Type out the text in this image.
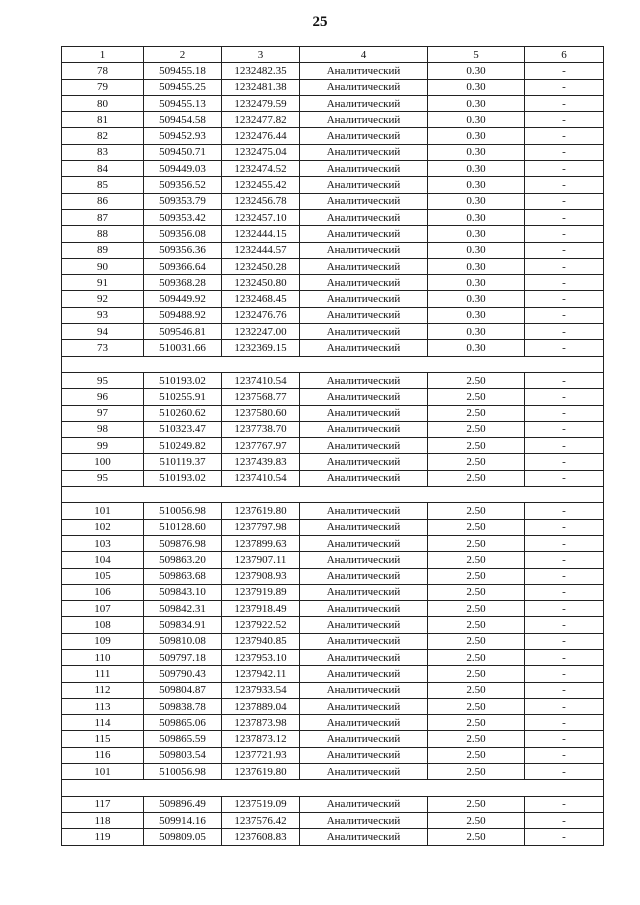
25
1	2	3	4	5	6
78	509455.18	1232482.35	Аналитический	0.30	-
79	509455.25	1232481.38	Аналитический	0.30	-
80	509455.13	1232479.59	Аналитический	0.30	-
81	509454.58	1232477.82	Аналитический	0.30	-
82	509452.93	1232476.44	Аналитический	0.30	-
83	509450.71	1232475.04	Аналитический	0.30	-
84	509449.03	1232474.52	Аналитический	0.30	-
85	509356.52	1232455.42	Аналитический	0.30	-
86	509353.79	1232456.78	Аналитический	0.30	-
87	509353.42	1232457.10	Аналитический	0.30	-
88	509356.08	1232444.15	Аналитический	0.30	-
89	509356.36	1232444.57	Аналитический	0.30	-
90	509366.64	1232450.28	Аналитический	0.30	-
91	509368.28	1232450.80	Аналитический	0.30	-
92	509449.92	1232468.45	Аналитический	0.30	-
93	509488.92	1232476.76	Аналитический	0.30	-
94	509546.81	1232247.00	Аналитический	0.30	-
73	510031.66	1232369.15	Аналитический	0.30	-

95	510193.02	1237410.54	Аналитический	2.50	-
96	510255.91	1237568.77	Аналитический	2.50	-
97	510260.62	1237580.60	Аналитический	2.50	-
98	510323.47	1237738.70	Аналитический	2.50	-
99	510249.82	1237767.97	Аналитический	2.50	-
100	510119.37	1237439.83	Аналитический	2.50	-
95	510193.02	1237410.54	Аналитический	2.50	-

101	510056.98	1237619.80	Аналитический	2.50	-
102	510128.60	1237797.98	Аналитический	2.50	-
103	509876.98	1237899.63	Аналитический	2.50	-
104	509863.20	1237907.11	Аналитический	2.50	-
105	509863.68	1237908.93	Аналитический	2.50	-
106	509843.10	1237919.89	Аналитический	2.50	-
107	509842.31	1237918.49	Аналитический	2.50	-
108	509834.91	1237922.52	Аналитический	2.50	-
109	509810.08	1237940.85	Аналитический	2.50	-
110	509797.18	1237953.10	Аналитический	2.50	-
111	509790.43	1237942.11	Аналитический	2.50	-
112	509804.87	1237933.54	Аналитический	2.50	-
113	509838.78	1237889.04	Аналитический	2.50	-
114	509865.06	1237873.98	Аналитический	2.50	-
115	509865.59	1237873.12	Аналитический	2.50	-
116	509803.54	1237721.93	Аналитический	2.50	-
101	510056.98	1237619.80	Аналитический	2.50	-

117	509896.49	1237519.09	Аналитический	2.50	-
118	509914.16	1237576.42	Аналитический	2.50	-
119	509809.05	1237608.83	Аналитический	2.50	-
